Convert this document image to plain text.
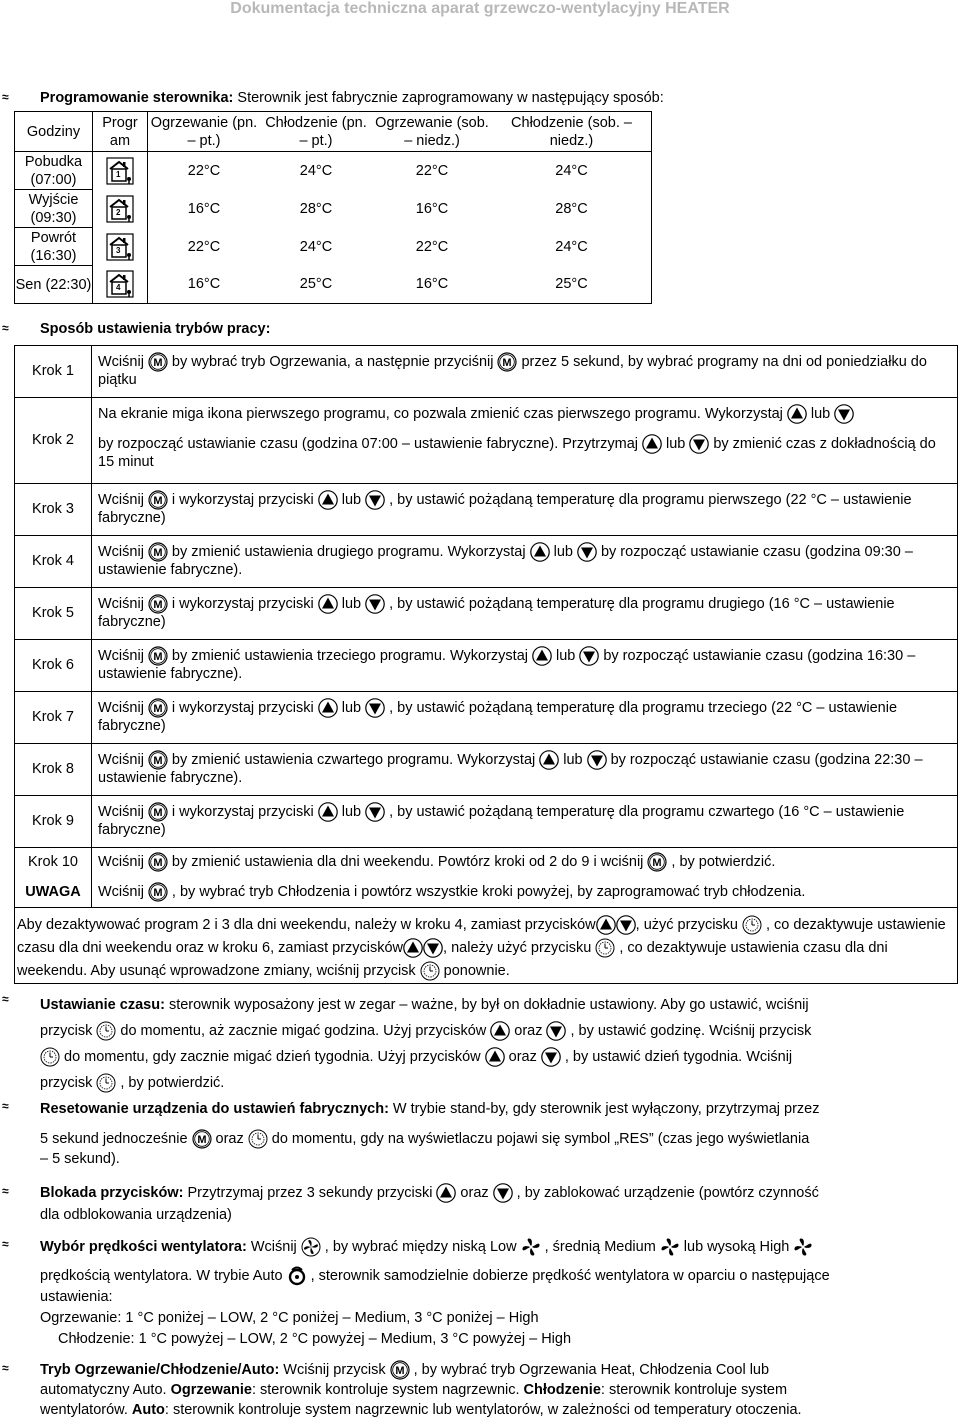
Dokumentacja techniczna aparat grzewczo-wentylacyjny HEATER
≈ Programowanie sterownika: Sterownik jest fabrycznie zaprogramowany w następujący sposób:
Godziny	Progr am	Ogrzewanie (pn. – pt.)	Chłodzenie (pn. – pt.)	Ogrzewanie (sob. – niedz.)	Chłodzenie (sob. – niedz.)
Pobudka (07:00)	1	22°C	24°C	22°C	24°C
Wyjście (09:30)	2	16°C	28°C	16°C	28°C
Powrót (16:30)	3	22°C	24°C	22°C	24°C
Sen (22:30)	4	16°C	25°C	16°C	25°C
≈ Sposób ustawienia trybów pracy:
Krok 1	Wciśnij by wybrać tryb Ogrzewania, a następnie przyciśnij przez 5 sekund, by wybrać programy na dni od poniedziałku do piątku
Krok 2	Na ekranie miga ikona pierwszego programu, co pozwala zmienić czas pierwszego programu. Wykorzystaj lub

by rozpocząć ustawianie czasu (godzina 07:00 – ustawienie fabryczne). Przytrzymaj lub by zmienić czas z dokładnością do 15 minut

Krok 3	Wciśnij i wykorzystaj przyciski lub , by ustawić pożądaną temperaturę dla programu pierwszego (22 °C – ustawienie fabryczne)
Krok 4	Wciśnij by zmienić ustawienia drugiego programu. Wykorzystaj lub by rozpocząć ustawianie czasu (godzina 09:30 – ustawienie fabryczne).
Krok 5	Wciśnij i wykorzystaj przyciski lub , by ustawić pożądaną temperaturę dla programu drugiego (16 °C – ustawienie fabryczne)
Krok 6	Wciśnij by zmienić ustawienia trzeciego programu. Wykorzystaj lub by rozpocząć ustawianie czasu (godzina 16:30 – ustawienie fabryczne).
Krok 7	Wciśnij i wykorzystaj przyciski lub , by ustawić pożądaną temperaturę dla programu trzeciego (22 °C – ustawienie fabryczne)
Krok 8	Wciśnij by zmienić ustawienia czwartego programu. Wykorzystaj lub by rozpocząć ustawianie czasu (godzina 22:30 – ustawienie fabryczne).
Krok 9	Wciśnij i wykorzystaj przyciski lub , by ustawić pożądaną temperaturę dla programu czwartego (16 °C – ustawienie fabryczne)
Krok 10	Wciśnij by zmienić ustawienia dla dni weekendu. Powtórz kroki od 2 do 9 i wciśnij , by potwierdzić.
UWAGA	Wciśnij , by wybrać tryb Chłodzenia i powtórz wszystkie kroki powyżej, by zaprogramować tryb chłodzenia.
Aby dezaktywować program 2 i 3 dla dni weekendu, należy w kroku 4, zamiast przycisków , użyć przycisku , co dezaktywuje ustawienie czasu dla dni weekendu oraz w kroku 6, zamiast przycisków , należy użyć przycisku , co dezaktywuje ustawienia czasu dla dni weekendu. Aby usunąć wprowadzone zmiany, wciśnij przycisk ponownie.	
≈ Ustawianie czasu: sterownik wyposażony jest w zegar – ważne, by był on dokładnie ustawiony. Aby go ustawić, wciśnij
przycisk do momentu, aż zacznie migać godzina. Użyj przycisków oraz , by ustawić godzinę. Wciśnij przycisk
do momentu, gdy zacznie migać dzień tygodnia. Użyj przycisków oraz , by ustawić dzień tygodnia. Wciśnij
przycisk , by potwierdzić.
≈ Resetowanie urządzenia do ustawień fabrycznych: W trybie stand-by, gdy sterownik jest wyłączony, przytrzymaj przez

5 sekund jednocześnie oraz do momentu, gdy na wyświetlaczu pojawi się symbol „RES” (czas jego wyświetlania

– 5 sekund).

≈ Blokada przycisków: Przytrzymaj przez 3 sekundy przyciski oraz , by zablokować urządzenie (powtórz czynność
dla odblokowania urządzenia)
≈ Wybór prędkości wentylatora: Wciśnij , by wybrać między niską Low , średnią Medium lub wysoką High

prędkością wentylatora. W trybie Auto , sterownik samodzielnie dobierze prędkość wentylatora w oparciu o następujące

ustawienia:

Ogrzewanie: 1 °C poniżej – LOW, 2 °C poniżej – Medium, 3 °C poniżej – High

Chłodzenie: 1 °C powyżej – LOW, 2 °C powyżej – Medium, 3 °C powyżej – High

≈ Tryb Ogrzewanie/Chłodzenie/Auto: Wciśnij przycisk , by wybrać tryb Ogrzewania Heat, Chłodzenia Cool lub
automatyczny Auto. Ogrzewanie: sterownik kontroluje system nagrzewnic. Chłodzenie: sterownik kontroluje system
wentylatorów. Auto: sterownik kontroluje system nagrzewnic lub wentylatorów, w zależności od temperatury otoczenia.
